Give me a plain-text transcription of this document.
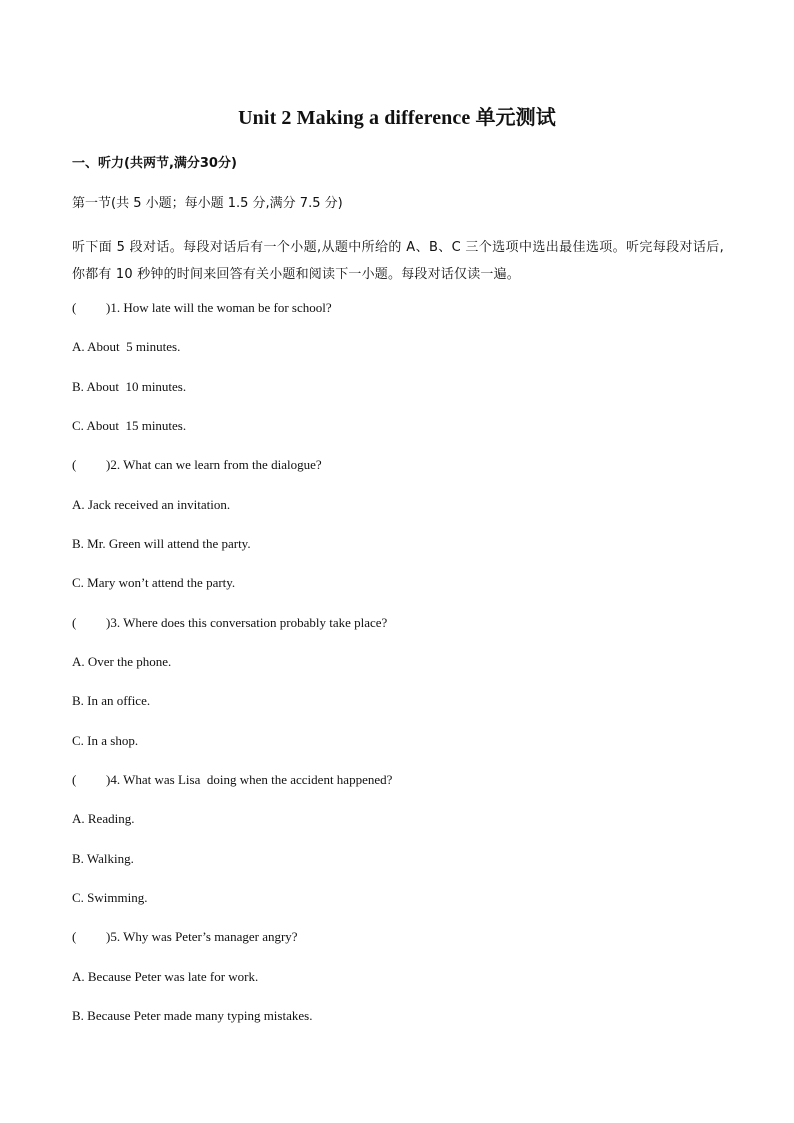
Unit 2 Making a difference 单元测试
一、听力(共两节,满分30分)
第一节(共 5 小题；每小题 1.5 分,满分 7.5 分)
听下面 5 段对话。每段对话后有一个小题,从题中所给的 A、B、C 三个选项中选出最佳选项。听完每段对话后,你都有 10 秒钟的时间来回答有关小题和阅读下一小题。每段对话仅读一遍。
( )1. How late will the woman be for school?
A. About  5 minutes.
B. About  10 minutes.
C. About  15 minutes.
( )2. What can we learn from the dialogue?
A. Jack received an invitation.
B. Mr. Green will attend the party.
C. Mary won’t attend the party.
( )3. Where does this conversation probably take place?
A. Over the phone.
B. In an office.
C. In a shop.
( )4. What was Lisa  doing when the accident happened?
A. Reading.
B. Walking.
C. Swimming.
( )5. Why was Peter’s manager angry?
A. Because Peter was late for work.
B. Because Peter made many typing mistakes.
